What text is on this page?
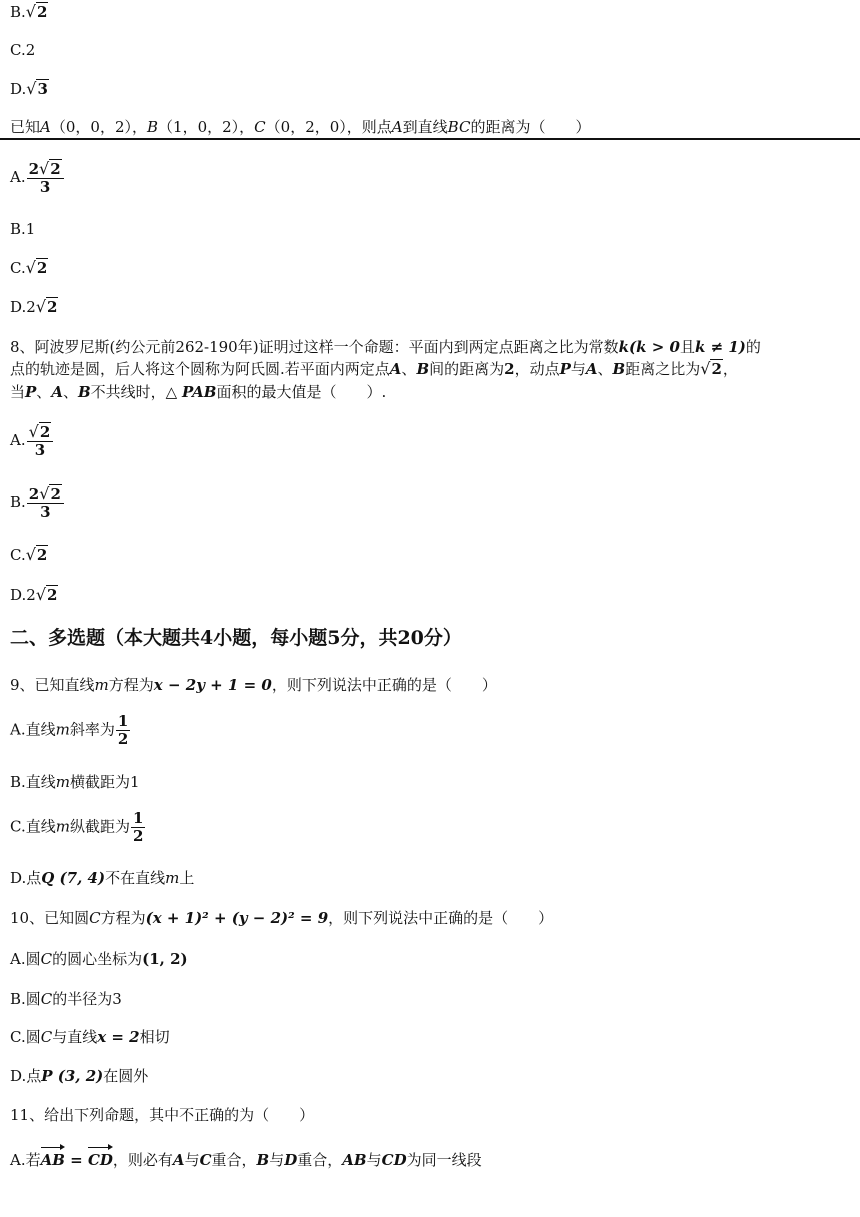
B.√2
C.2
D.√3
已知A（0，0，2），B（1，0，2），C（0，2，0），则点A到直线BC的距离为（　　）
A. $\frac{2√2}{3}$
B.1
C.√2
D.2√2
8、阿波罗尼斯(约公元前262-190年)证明过这样一个命题：平面内到两定点距离之比为常数k(k > 0且k ≠ 1)的
点的轨迹是圆，后人将这个圆称为阿氏圆.若平面内两定点A、B间的距离为2，动点P与A、B距离之比为√2，
当P、A、B不共线时，△ PAB面积的最大值是（　　）.
A. $\frac{√2}{3}$
B. $\frac{2√2}{3}$
C.√2
D.2√2
二、多选题（本大题共4小题，每小题5分，共20分）
9、已知直线m方程为x − 2y + 1 = 0，则下列说法中正确的是（　　）
A.直线m斜率为 $\frac{1}{2}$
B.直线m横截距为1
C.直线m纵截距为 $\frac{1}{2}$
D.点Q (7, 4)不在直线m上
10、已知圆C方程为(x + 1)² + (y − 2)² = 9，则下列说法中正确的是（　　）
A.圆C的圆心坐标为(1, 2)
B.圆C的半径为3
C.圆C与直线x = 2相切
D.点P (3, 2)在圆外
11、给出下列命题，其中不正确的为（　　）
A.若AB = CD，则必有A与C重合，B与D重合，AB与CD为同一线段
